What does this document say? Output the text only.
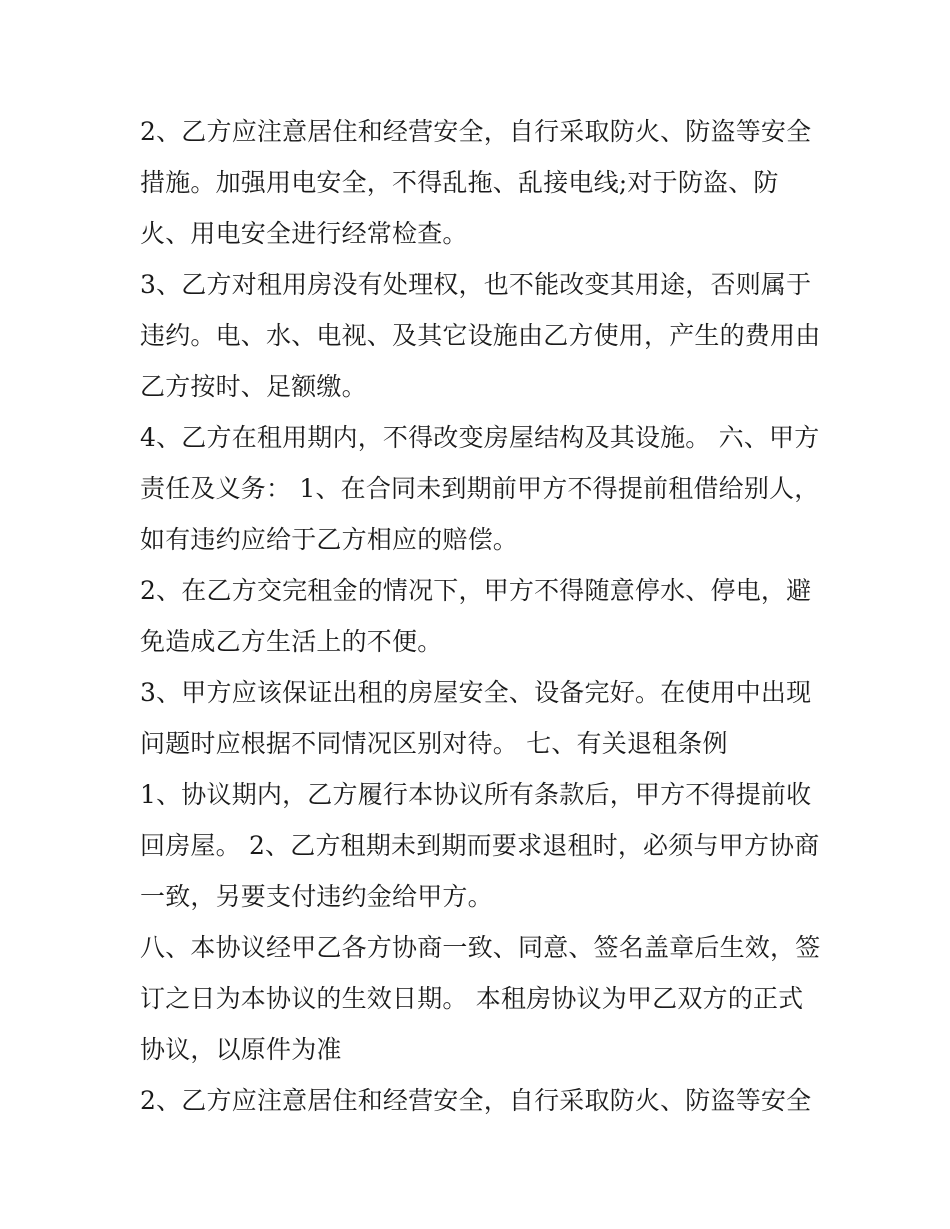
2、乙方应注意居住和经营安全，自行采取防火、防盗等安全
措施。加强用电安全，不得乱拖、乱接电线;对于防盗、防
火、用电安全进行经常检查。
3、乙方对租用房没有处理权，也不能改变其用途，否则属于
违约。电、水、电视、及其它设施由乙方使用，产生的费用由
乙方按时、足额缴。
4、乙方在租用期内，不得改变房屋结构及其设施。 六、甲方
责任及义务： 1、在合同未到期前甲方不得提前租借给别人，
如有违约应给于乙方相应的赔偿。
2、在乙方交完租金的情况下，甲方不得随意停水、停电，避
免造成乙方生活上的不便。
3、甲方应该保证出租的房屋安全、设备完好。在使用中出现
问题时应根据不同情况区别对待。 七、有关退租条例
1、协议期内，乙方履行本协议所有条款后，甲方不得提前收
回房屋。 2、乙方租期未到期而要求退租时，必须与甲方协商
一致，另要支付违约金给甲方。
八、本协议经甲乙各方协商一致、同意、签名盖章后生效，签
订之日为本协议的生效日期。 本租房协议为甲乙双方的正式
协议，以原件为准
2、乙方应注意居住和经营安全，自行采取防火、防盗等安全
